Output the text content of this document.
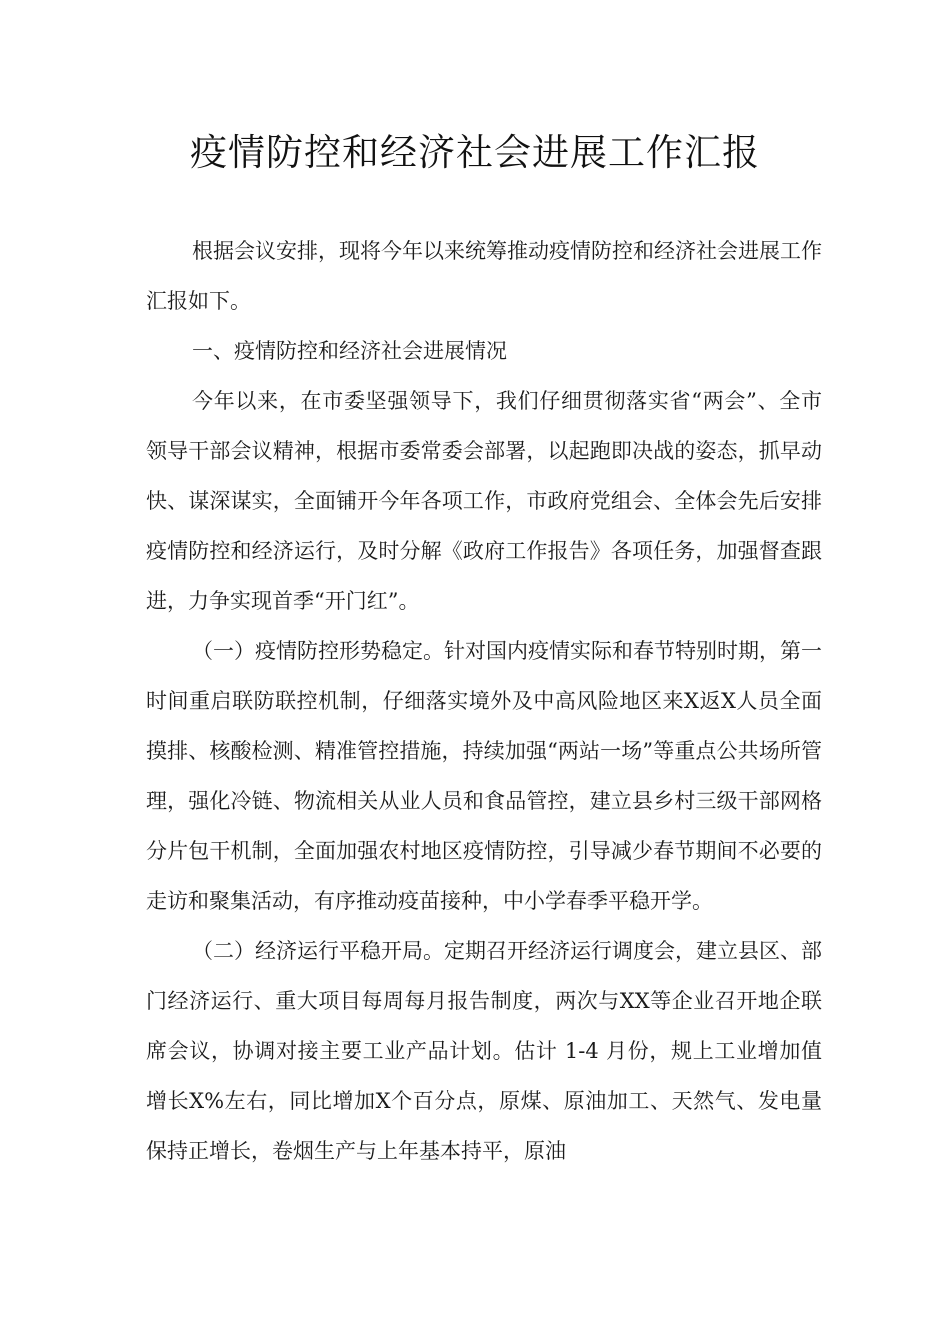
疫情防控和经济社会进展工作汇报

根据会议安排，现将今年以来统筹推动疫情防控和经济社会进展工作汇报如下。

一、疫情防控和经济社会进展情况

今年以来，在市委坚强领导下，我们仔细贯彻落实省“两会”、全市领导干部会议精神，根据市委常委会部署，以起跑即决战的姿态，抓早动快、谋深谋实，全面铺开今年各项工作，市政府党组会、全体会先后安排疫情防控和经济运行，及时分解《政府工作报告》各项任务，加强督查跟进，力争实现首季“开门红”。

（一）疫情防控形势稳定。针对国内疫情实际和春节特别时期，第一时间重启联防联控机制，仔细落实境外及中高风险地区来X返X人员全面摸排、核酸检测、精准管控措施，持续加强“两站一场”等重点公共场所管理，强化冷链、物流相关从业人员和食品管控，建立县乡村三级干部网格分片包干机制，全面加强农村地区疫情防控，引导减少春节期间不必要的走访和聚集活动，有序推动疫苗接种，中小学春季平稳开学。

（二）经济运行平稳开局。定期召开经济运行调度会，建立县区、部门经济运行、重大项目每周每月报告制度，两次与XX等企业召开地企联席会议，协调对接主要工业产品计划。估计 1-4 月份，规上工业增加值增长X%左右，同比增加X个百分点，原煤、原油加工、天然气、发电量保持正增长，卷烟生产与上年基本持平，原油
